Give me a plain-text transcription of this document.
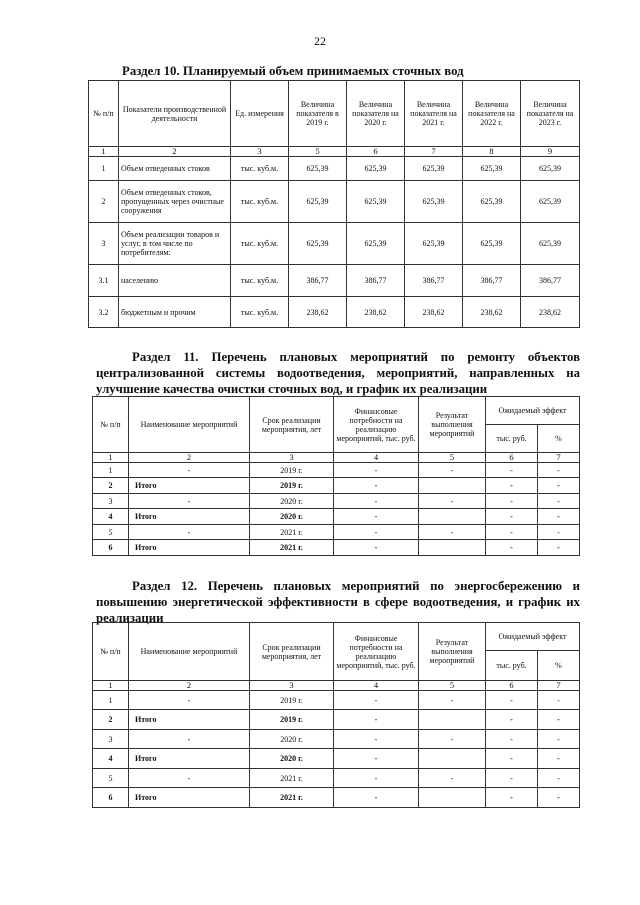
22
Раздел 10. Планируемый объем принимаемых сточных вод
№ п/п	Показатели производственной деятельности	Ед. измерения	Величина показателя в 2019 г.	Величина показателя на 2020 г.	Величина показателя на 2021 г.	Величина показателя на 2022 г.	Величина показателя на 2023 г.
1	2	3	5	6	7	8	9
1	Объем отведенных стоков	тыс. куб.м.	625,39	625,39	625,39	625,39	625,39
2	Объем отведенных стоков, пропущенных через очистные сооружения	тыс. куб.м.	625,39	625,39	625,39	625,39	625,39
3	Объем реализации товаров и услуг, в том числе по потребителям:	тыс. куб.м.	625,39	625,39	625,39	625,39	625,39
3.1	населению	тыс. куб.м.	386,77	386,77	386,77	386,77	386,77
3.2	бюджетным и прочим	тыс. куб.м.	238,62	238,62	238,62	238,62	238,62
Раздел 11. Перечень плановых мероприятий по ремонту объектов централизованной системы водоотведения, мероприятий, направленных на улучшение качества очистки сточных вод, и график их реализации
№ п/п	Наименование мероприятий	Срок реализации мероприятия, лет	Финансовые потребности на реализацию мероприятий, тыс. руб.	Результат выполнения мероприятий	Ожидаемый эффект	
					тыс. руб.	%
1	2	3	4	5	6	7
1	-	2019 г.	-	-	-	-
2	Итого	2019 г.	-		-	-
3	-	2020 г.	-	-	-	-
4	Итого	2020 г.	-		-	-
5	-	2021 г.	-	-	-	-
6	Итого	2021 г.	-		-	-
Раздел 12. Перечень плановых мероприятий по энергосбережению и повышению энергетической эффективности в сфере водоотведения, и график их реализации
№ п/п	Наименование мероприятий	Срок реализации мероприятия, лет	Финансовые потребности на реализацию мероприятий, тыс. руб.	Результат выполнения мероприятий	Ожидаемый эффект	
					тыс. руб.	%
1	2	3	4	5	6	7
1	-	2019 г.	-	-	-	-
2	Итого	2019 г.	-		-	-
3	-	2020 г.	-	-	-	-
4	Итого	2020 г.	-		-	-
5	-	2021 г.	-	-	-	-
6	Итого	2021 г.	-		-	-
